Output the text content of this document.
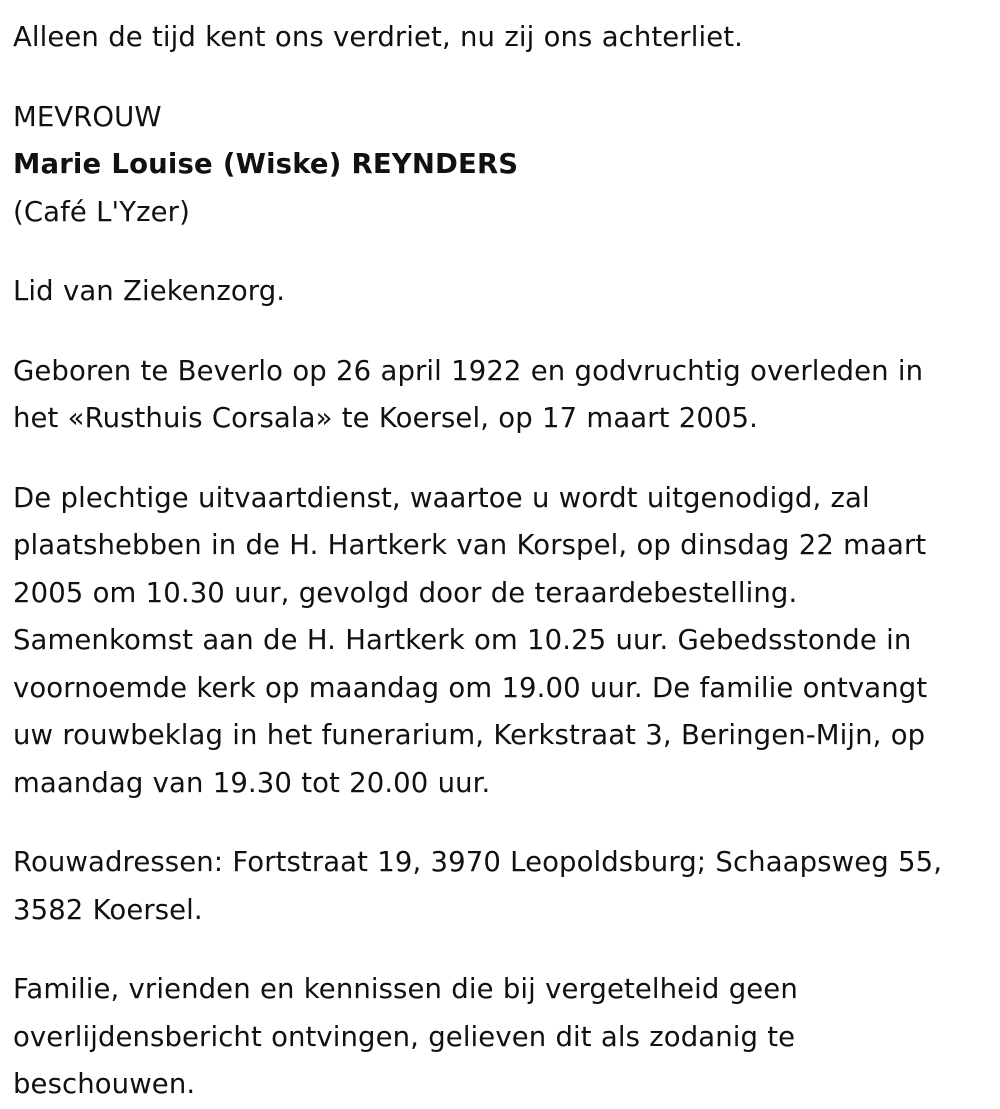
Alleen de tijd kent ons verdriet, nu zij ons achterliet.

MEVROUW
Marie Louise (Wiske) REYNDERS
(Café L'Yzer)

Lid van Ziekenzorg.

Geboren te Beverlo op 26 april 1922 en godvruchtig overleden in het «Rusthuis Corsala» te Koersel, op 17 maart 2005.

De plechtige uitvaartdienst, waartoe u wordt uitgenodigd, zal plaatshebben in de H. Hartkerk van Korspel, op dinsdag 22 maart 2005 om 10.30 uur, gevolgd door de teraardebestelling. Samenkomst aan de H. Hartkerk om 10.25 uur. Gebedsstonde in voornoemde kerk op maandag om 19.00 uur. De familie ontvangt uw rouwbeklag in het funerarium, Kerkstraat 3, Beringen-Mijn, op maandag van 19.30 tot 20.00 uur.

Rouwadressen: Fortstraat 19, 3970 Leopoldsburg; Schaapsweg 55, 3582 Koersel.

Familie, vrienden en kennissen die bij vergetelheid geen overlijdensbericht ontvingen, gelieven dit als zodanig te beschouwen.
